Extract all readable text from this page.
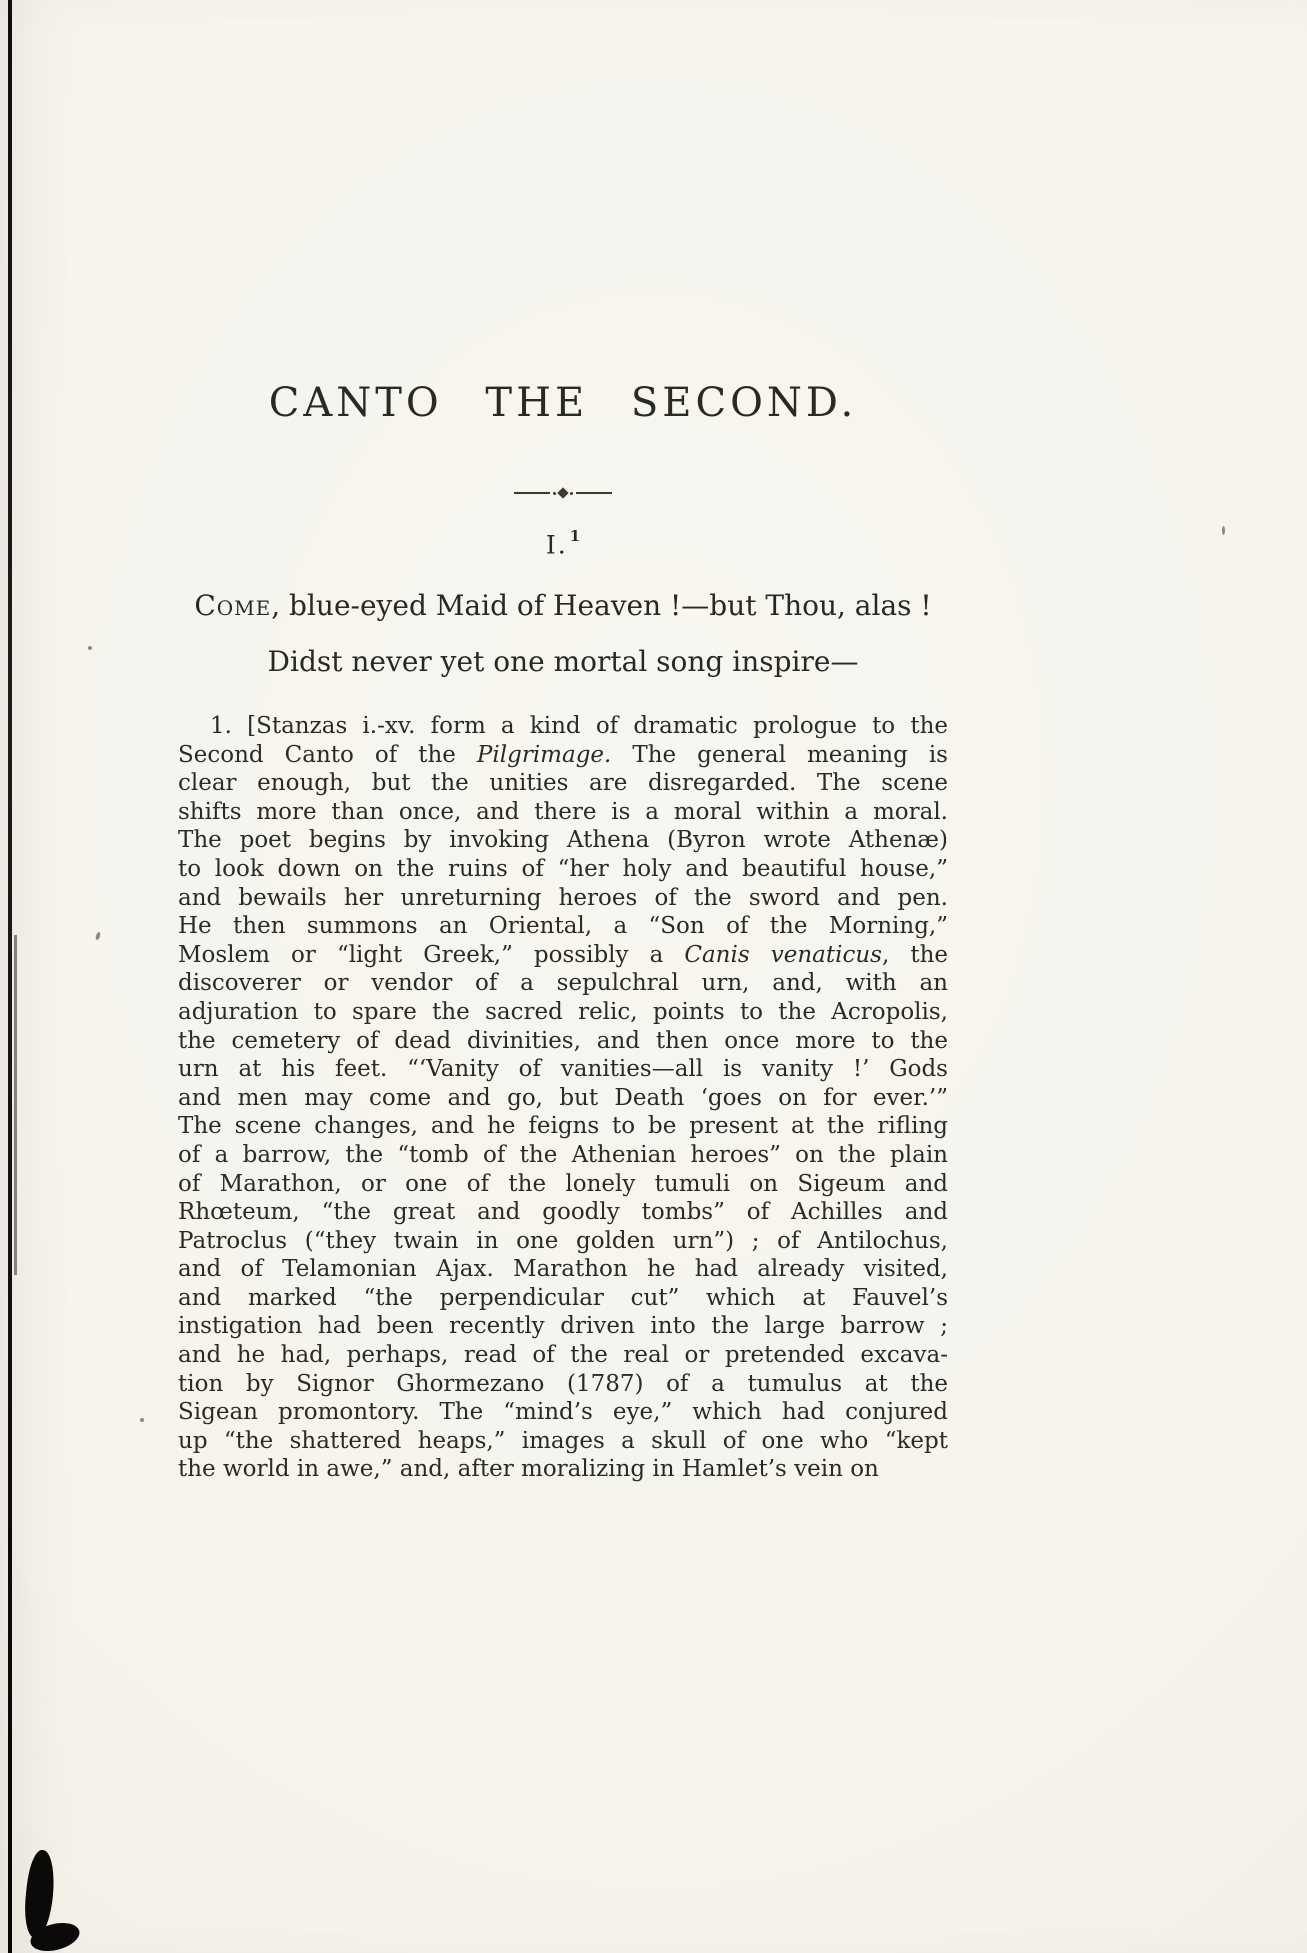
CANTO THE SECOND.
I. $^1$

Come, blue-eyed Maid of Heaven !—but Thou, alas !

Didst never yet one mortal song inspire—

1. [Stanzas i.-xv. form a kind of dramatic prologue to the
Second Canto of the Pilgrimage. The general meaning is
clear enough, but the unities are disregarded. The scene
shifts more than once, and there is a moral within a moral.
The poet begins by invoking Athena (Byron wrote Athenæ)
to look down on the ruins of “her holy and beautiful house,”
and bewails her unreturning heroes of the sword and pen.
He then summons an Oriental, a “Son of the Morning,”
Moslem or “light Greek,” possibly a Canis venaticus, the
discoverer or vendor of a sepulchral urn, and, with an
adjuration to spare the sacred relic, points to the Acropolis,
the cemetery of dead divinities, and then once more to the
urn at his feet. “‘Vanity of vanities—all is vanity !’ Gods
and men may come and go, but Death ‘goes on for ever.’”
The scene changes, and he feigns to be present at the rifling
of a barrow, the “tomb of the Athenian heroes” on the plain
of Marathon, or one of the lonely tumuli on Sigeum and
Rhœteum, “the great and goodly tombs” of Achilles and
Patroclus (“they twain in one golden urn”) ; of Antilochus,
and of Telamonian Ajax. Marathon he had already visited,
and marked “the perpendicular cut” which at Fauvel’s
instigation had been recently driven into the large barrow ;
and he had, perhaps, read of the real or pretended excava-
tion by Signor Ghormezano (1787) of a tumulus at the
Sigean promontory. The “mind’s eye,” which had conjured
up “the shattered heaps,” images a skull of one who “kept
the world in awe,” and, after moralizing in Hamlet’s vein on
